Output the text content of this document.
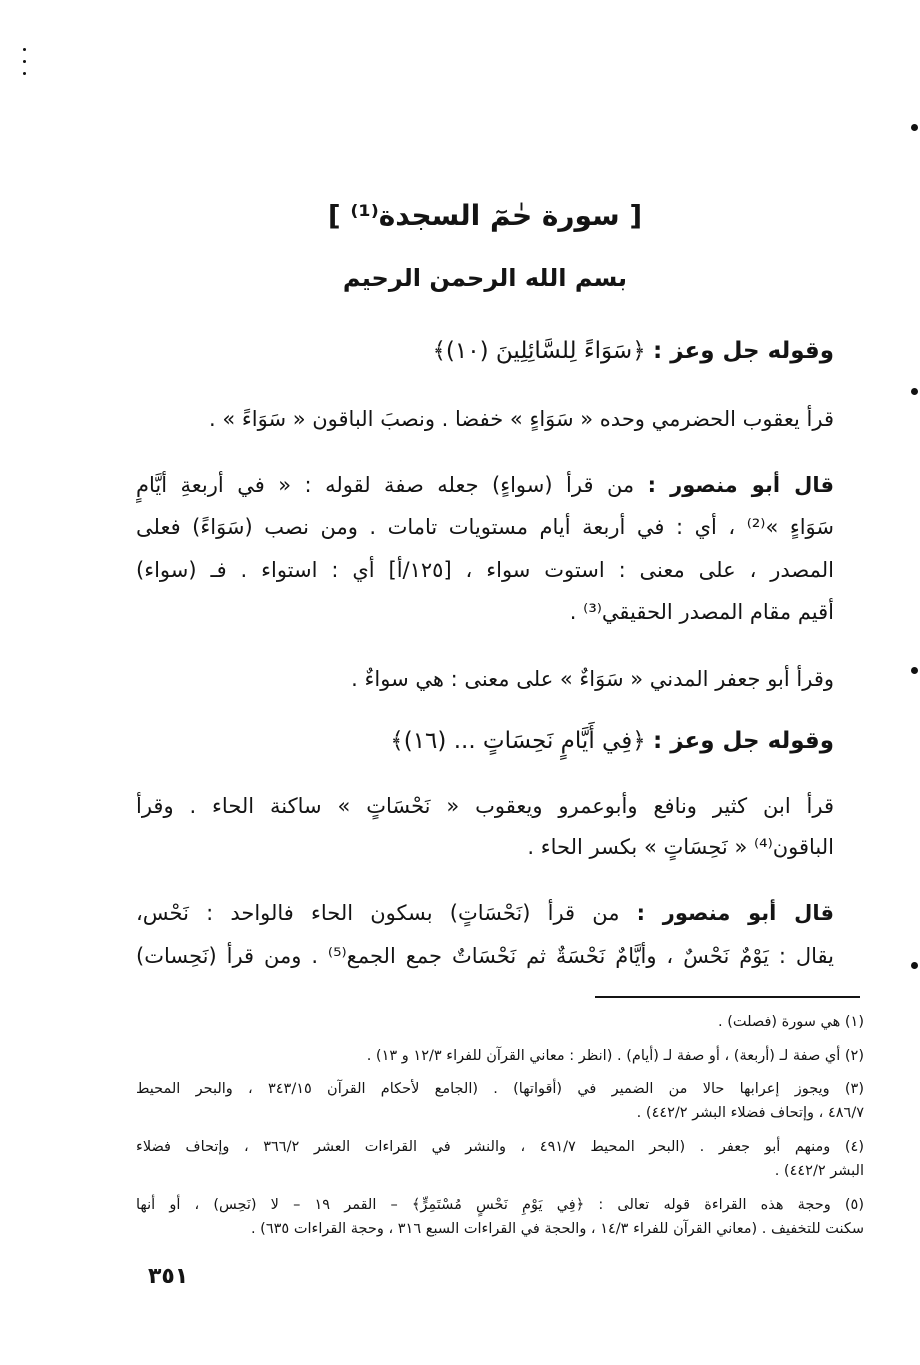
[ سورة حٰمٓ السجدة⁽¹⁾ ]
بسم الله الرحمن الرحيم
وقوله جل وعز : ﴿سَوَاءً لِلسَّائِلِينَ (١٠)﴾
قرأ يعقوب الحضرمي وحده « سَوَاءٍ » خفضا . ونصبَ الباقون « سَوَاءً » .
قال أبو منصور : من قرأ (سواءٍ) جعله صفة لقوله : « في أربعةِ أيَّامٍ
سَوَاءٍ »⁽²⁾ ، أي : في أربعة أيام مستويات تامات . ومن نصب (سَوَاءً) فعلى
المصدر ، على معنى : استوت سواء ، [١٢٥/أ] أي : استواء . فـ (سواء)
أقيم مقام المصدر الحقيقي⁽³⁾ .
وقرأ أبو جعفر المدني « سَوَاءٌ » على معنى : هي سواءٌ .
وقوله جل وعز : ﴿فِي أَيَّامٍ نَحِسَاتٍ ... (١٦)﴾
قرأ ابن كثير ونافع وأبوعمرو ويعقوب « نَحْسَاتٍ » ساكنة الحاء . وقرأ
الباقون⁽⁴⁾ « نَحِسَاتٍ » بكسر الحاء .
قال أبو منصور : من قرأ (نَحْسَاتٍ) بسكون الحاء فالواحد : نَحْس،
يقال : يَوْمٌ نَحْسٌ ، وأيَّامٌ نَحْسَةٌ ثم نَحْسَاتٌ جمع الجمع⁽⁵⁾ . ومن قرأ (نَحِسات)
(١) هي سورة (فصلت) .
(٢) أي صفة لـ (أربعة) ، أو صفة لـ (أيام) . (انظر : معاني القرآن للفراء ١٢/٣ و ١٣) .
(٣) ويجوز إعرابها حالا من الضمير في (أقواتها) . (الجامع لأحكام القرآن ٣٤٣/١٥ ، والبحر المحيط
٤٨٦/٧ ، وإتحاف فضلاء البشر ٤٤٢/٢) .
(٤) ومنهم أبو جعفر . (البحر المحيط ٤٩١/٧ ، والنشر في القراءات العشر ٣٦٦/٢ ، وإتحاف فضلاء
البشر ٤٤٢/٢) .
(٥) وحجة هذه القراءة قوله تعالى : ﴿فِي يَوْمِ نَحْسٍ مُسْتَمِرٍّ﴾ – القمر ١٩ – لا (نَحِس) ، أو أنها
سكنت للتخفيف . (معاني القرآن للفراء ١٤/٣ ، والحجة في القراءات السبع ٣١٦ ، وحجة القراءات ٦٣٥) .
٣٥١
